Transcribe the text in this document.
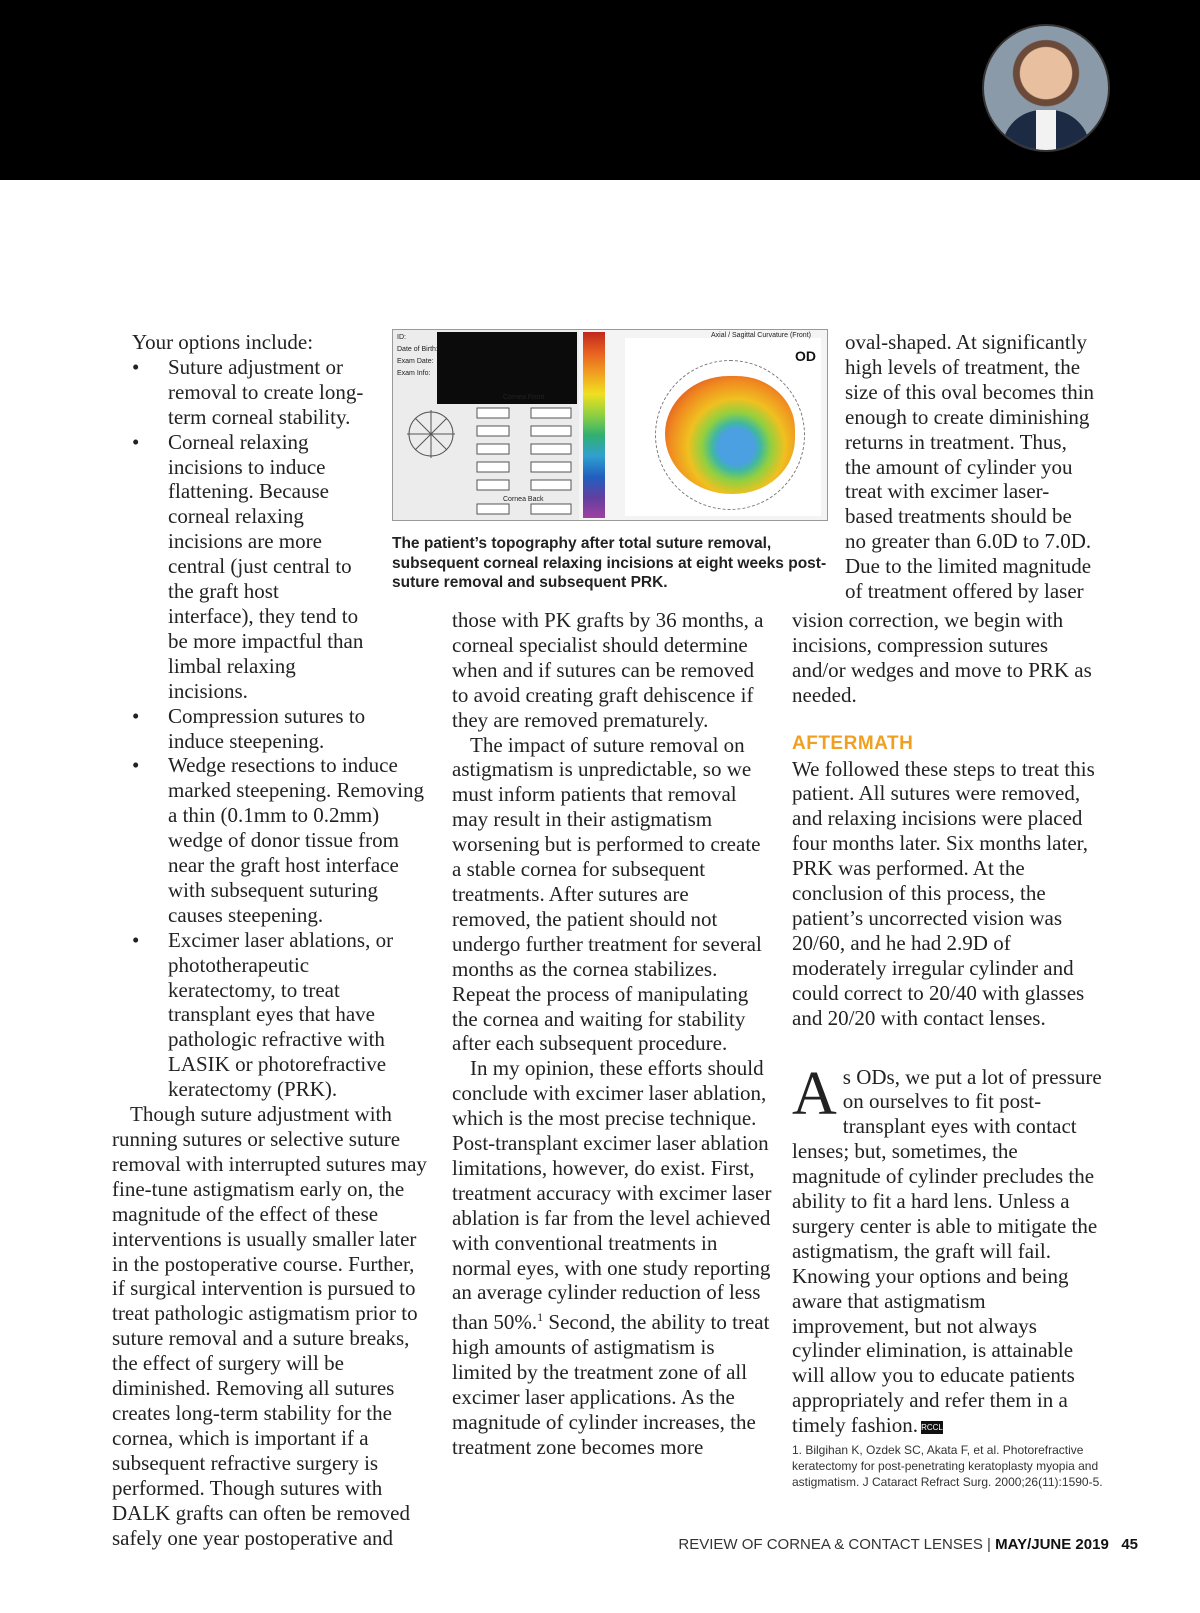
ID:
Date of Birth:
Exam Date:
Exam Info:
Cornea Front
Cornea Back
Axial / Sagittal Curvature (Front)
OD
The patient’s topography after total suture removal, subsequent corneal relaxing incisions at eight weeks post-suture removal and subsequent PRK.

Your options include:

• Suture adjustment or removal to create long-term corneal stability.
• Corneal relaxing incisions to induce flattening. Because corneal relaxing incisions are more central (just central to the graft host interface), they tend to be more impactful than limbal relaxing incisions.
• Compression sutures to induce steepening.
• Wedge resections to induce marked steepening. Removing a thin (0.1mm to 0.2mm) wedge of donor tissue from near the graft host interface with subsequent suturing causes steepening.
• Excimer laser ablations, or phototherapeutic keratectomy, to treat transplant eyes that have pathologic refractive with LASIK or photorefractive keratectomy (PRK).

Though suture adjustment with running sutures or selective suture removal with interrupted sutures may fine-tune astigmatism early on, the magnitude of the effect of these interventions is usually smaller later in the postoperative course. Further, if surgical intervention is pursued to treat pathologic astigmatism prior to suture removal and a suture breaks, the effect of surgery will be diminished. Removing all sutures creates long-term stability for the cornea, which is important if a subsequent refractive surgery is performed. Though sutures with DALK grafts can often be removed safely one year postoperative and

those with PK grafts by 36 months, a corneal specialist should determine when and if sutures can be removed to avoid creating graft dehiscence if they are removed prematurely.

The impact of suture removal on astigmatism is unpredictable, so we must inform patients that removal may result in their astigmatism worsening but is performed to create a stable cornea for subsequent treatments. After sutures are removed, the patient should not undergo further treatment for several months as the cornea stabilizes. Repeat the process of manipulating the cornea and waiting for stability after each subsequent procedure.

In my opinion, these efforts should conclude with excimer laser ablation, which is the most precise technique. Post-transplant excimer laser ablation limitations, however, do exist. First, treatment accuracy with excimer laser ablation is far from the level achieved with conventional treatments in normal eyes, with one study reporting an average cylinder reduction of less than 50%.$^1$ Second, the ability to treat high amounts of astigmatism is limited by the treatment zone of all excimer laser applications. As the magnitude of cylinder increases, the treatment zone becomes more

oval-shaped. At significantly high levels of treatment, the size of this oval becomes thin enough to create diminishing returns in treatment. Thus, the amount of cylinder you treat with excimer laser-based treatments should be no greater than 6.0D to 7.0D. Due to the limited magnitude of treatment offered by laser

vision correction, we begin with incisions, compression sutures and/or wedges and move to PRK as needed.

AFTERMATH

We followed these steps to treat this patient. All sutures were removed, and relaxing incisions were placed four months later. Six months later, PRK was performed. At the conclusion of this process, the patient’s uncorrected vision was 20/60, and he had 2.9D of moderately irregular cylinder and could correct to 20/40 with glasses and 20/20 with contact lenses.

As ODs, we put a lot of pressure on ourselves to fit post-transplant eyes with contact lenses; but, sometimes, the magnitude of cylinder precludes the ability to fit a hard lens. Unless a surgery center is able to mitigate the astigmatism, the graft will fail. Knowing your options and being aware that astigmatism improvement, but not always cylinder elimination, is attainable will allow you to educate patients appropriately and refer them in a timely fashion. RCCL

1. Bilgihan K, Ozdek SC, Akata F, et al. Photorefractive keratectomy for post-penetrating keratoplasty myopia and astigmatism. J Cataract Refract Surg. 2000;26(11):1590-5.
REVIEW OF CORNEA & CONTACT LENSES | MAY/JUNE 2019 45
